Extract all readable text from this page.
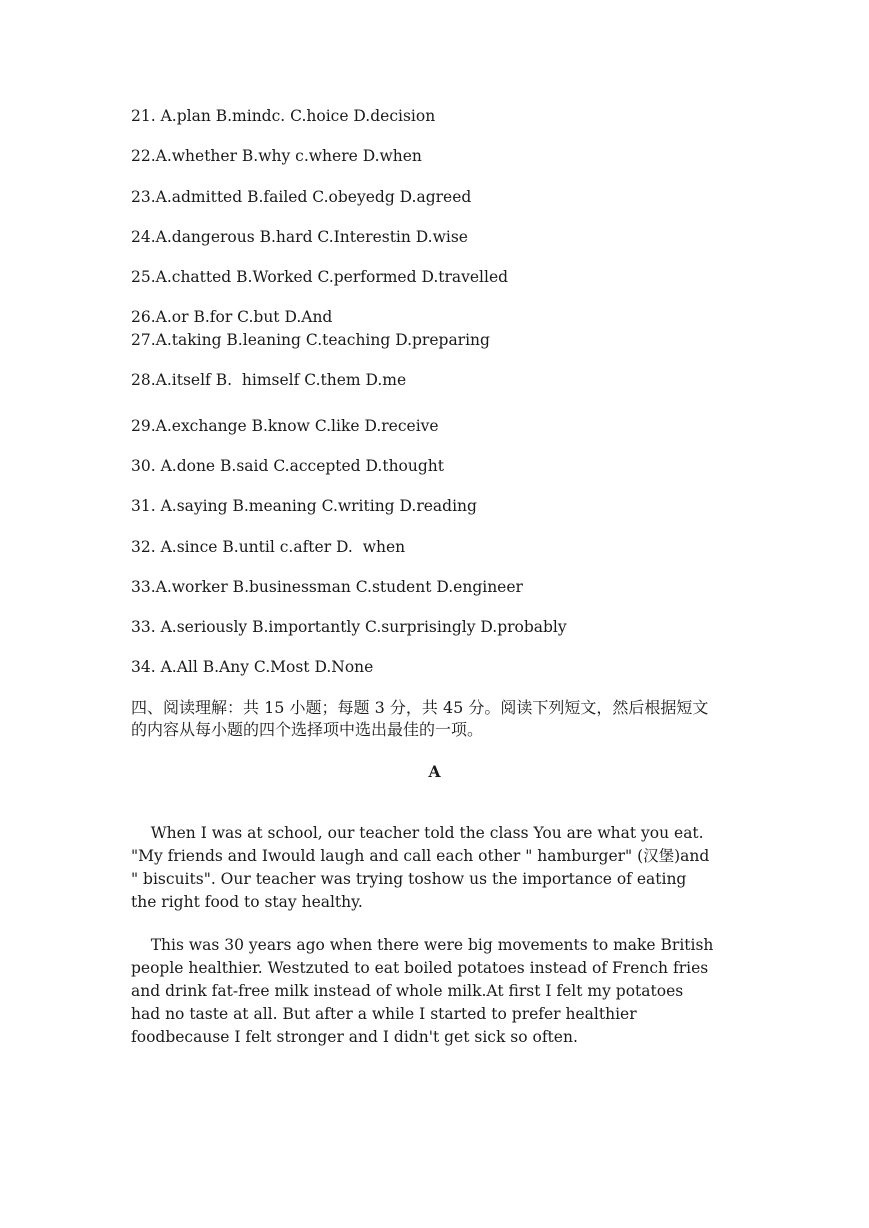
21. A.plan B.mindc. C.hoice D.decision
22.A.whether B.why c.where D.when
23.A.admitted B.failed C.obeyedg D.agreed
24.A.dangerous B.hard C.Interestin D.wise
25.A.chatted B.Worked C.performed D.travelled
26.A.or B.for C.but D.And
27.A.taking B.leaning C.teaching D.preparing
28.A.itself B.  himself C.them D.me
29.A.exchange B.know C.like D.receive
30. A.done B.said C.accepted D.thought
31. A.saying B.meaning C.writing D.reading
32. A.since B.until c.after D.  when
33.A.worker B.businessman C.student D.engineer
33. A.seriously B.importantly C.surprisingly D.probably
34. A.All B.Any C.Most D.None
四、阅读理解：共 15 小题；每题 3 分，共 45 分。阅读下列短文，然后根据短文
的内容从每小题的四个选择项中选出最佳的一项。
A
When I was at school, our teacher told the class You are what you eat.
"My friends and Iwould laugh and call each other " hamburger" (汉堡)and
" biscuits". Our teacher was trying toshow us the importance of eating
the right food to stay healthy.
This was 30 years ago when there were big movements to make British
people healthier. Westzuted to eat boiled potatoes instead of French fries
and drink fat-free milk instead of whole milk.At first I felt my potatoes
had no taste at all. But after a while I started to prefer healthier
foodbecause I felt stronger and I didn't get sick so often.
